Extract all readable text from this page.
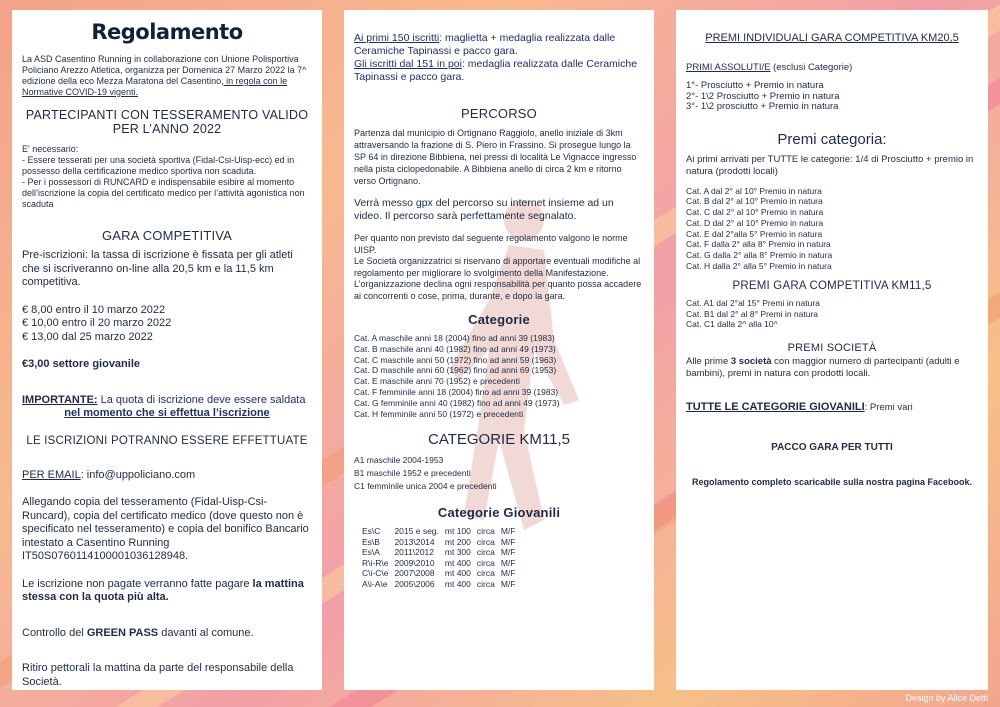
Regolamento
La ASD Casentino Running in collaborazione con Unione Polisportiva Policiano Arezzo Atletica, organizza per Domenica 27 Marzo 2022 la 7^ edizione della eco Mezza Maratona del Casentino, in regola con le Normative COVID-19 vigenti.
PARTECIPANTI CON TESSERAMENTO VALIDO PER L’ANNO 2022
E' necessario:
- Essere tesserati per una società sportiva (Fidal-Csi-Uisp-ecc) ed in possesso della certificazione medico sportiva non scaduta.
- Per i possessori di RUNCARD e indispensabile esibire al momento dell’iscrizione la copia del certificato medico per l’attività agonistica non scaduta
GARA COMPETITIVA
Pre-iscrizioni: la tassa di iscrizione è fissata per gli atleti che si iscriveranno on-line alla 20,5 km e la 11,5 km competitiva.
€ 8,00 entro il 10 marzo 2022
€ 10,00 entro il 20 marzo 2022
€ 13,00 dal 25 marzo 2022
€3,00 settore giovanile
IMPORTANTE: La quota di iscrizione deve essere saldata
nel momento che si effettua l’iscrizione
LE ISCRIZIONI POTRANNO ESSERE EFFETTUATE
PER EMAIL: info@uppoliciano.com
Allegando copia del tesseramento (Fidal-Uisp-Csi-Runcard), copia del certificato medico (dove questo non è specificato nel tesseramento) e copia del bonifico Bancario intestato a Casentino Running IT50S0760114100001036128948.
Le iscrizione non pagate verranno fatte pagare la mattina stessa con la quota più alta.
Controllo del GREEN PASS davanti al comune.
Ritiro pettorali la mattina da parte del responsabile della Società.
Ai primi 150 iscritti: maglietta + medaglia realizzata dalle Ceramiche Tapinassi e pacco gara.
Gli iscritti dal 151 in poi: medaglia realizzata dalle Ceramiche Tapinassi e pacco gara.
PERCORSO
Partenza dal municipio di Ortignano Raggiolo, anello iniziale di 3km attraversando la frazione di S. Piero in Frassino. Si prosegue lungo la SP 64 in direzione Bibbiena, nei pressi di località Le Vignacce ingresso nella pista ciclopedonabile. A Bibbiena anello di circa 2 km e ritorno verso Ortignano.
Verrà messo gpx del percorso su internet insieme ad un video. Il percorso sarà perfettamente segnalato.
Per quanto non previsto dal seguente regolamento valgono le norme UISP.
Le Società organizzatrici si riservano di apportare eventuali modifiche al regolamento per migliorare lo svolgimento della Manifestazione.
L’organizzazione declina ogni responsabilità per quanto possa accadere ai concorrenti o cose, prima, durante, e dopo la gara.
Categorie
Cat. A maschile anni 18 (2004) fino ad anni 39 (1983)
Cat. B maschile anni 40 (1982) fino ad anni 49 (1973)
Cat. C maschile anni 50 (1972) fino ad anni 59 (1963)
Cat. D maschile anni 60 (1962) fino ad anni 69 (1953)
Cat. E maschile anni 70 (1952) e precedenti
Cat. F femminile anni 18 (2004) fino ad anni 39 (1983)
Cat. G femminile anni 40 (1982) fino ad anni 49 (1973)
Cat. H femminile anni 50 (1972) e precedenti
CATEGORIE KM11,5
A1 maschile 2004-1953
B1 maschile 1952 e precedenti
C1 femminile unica 2004 e precedenti
Categorie Giovanili
Es\C	2015 e seg.	mt 100	circa	M/F
Es\B	2013\2014	mt 200	circa	M/F
Es\A	2011\2012	mt 300	circa	M/F
R\i-R\e	2009\2010	mt 400	circa	M/F
C\i-C\e	2007\2008	mt 400	circa	M/F
A\i-A\e	2005\2006	mt 400	circa	M/F
PREMI INDIVIDUALI GARA COMPETITIVA KM20,5
PRIMI ASSOLUTI/E (esclusi Categorie)
1°- Prosciutto + Premio in natura
2°- 1\2 Prosciutto + Premio in natura
3°- 1\2 prosciutto + Premio in natura
Premi categoria:
Ai primi arrivati per TUTTE le categorie: 1/4 di Prosciutto + premio in natura (prodotti locali)
Cat. A dal 2° al 10° Premio in natura
Cat. B dal 2° al 10° Premio in natura
Cat. C dal 2° al 10° Premio in natura
Cat. D dal 2° al 10° Premio in natura
Cat. E dal 2°alla 5° Premio in natura
Cat. F dalla 2° alla 8° Premio in natura
Cat. G dalla 2° alla 8° Premio in natura
Cat. H dalla 2° alla 5° Premio in natura
PREMI GARA COMPETITIVA KM11,5
Cat. A1 dal 2°al 15° Premi in natura
Cat. B1 dal 2° al 8° Premi in natura
Cat. C1 dalla 2^ alla 10^
PREMI SOCIETÀ
Alle prime 3 società con maggior numero di partecipanti (adulti e bambini), premi in natura con prodotti locali.
TUTTE LE CATEGORIE GIOVANILI: Premi vari
PACCO GARA PER TUTTI
Regolamento completo scaricabile sulla nostra pagina Facebook.
Design by Alice Detti
